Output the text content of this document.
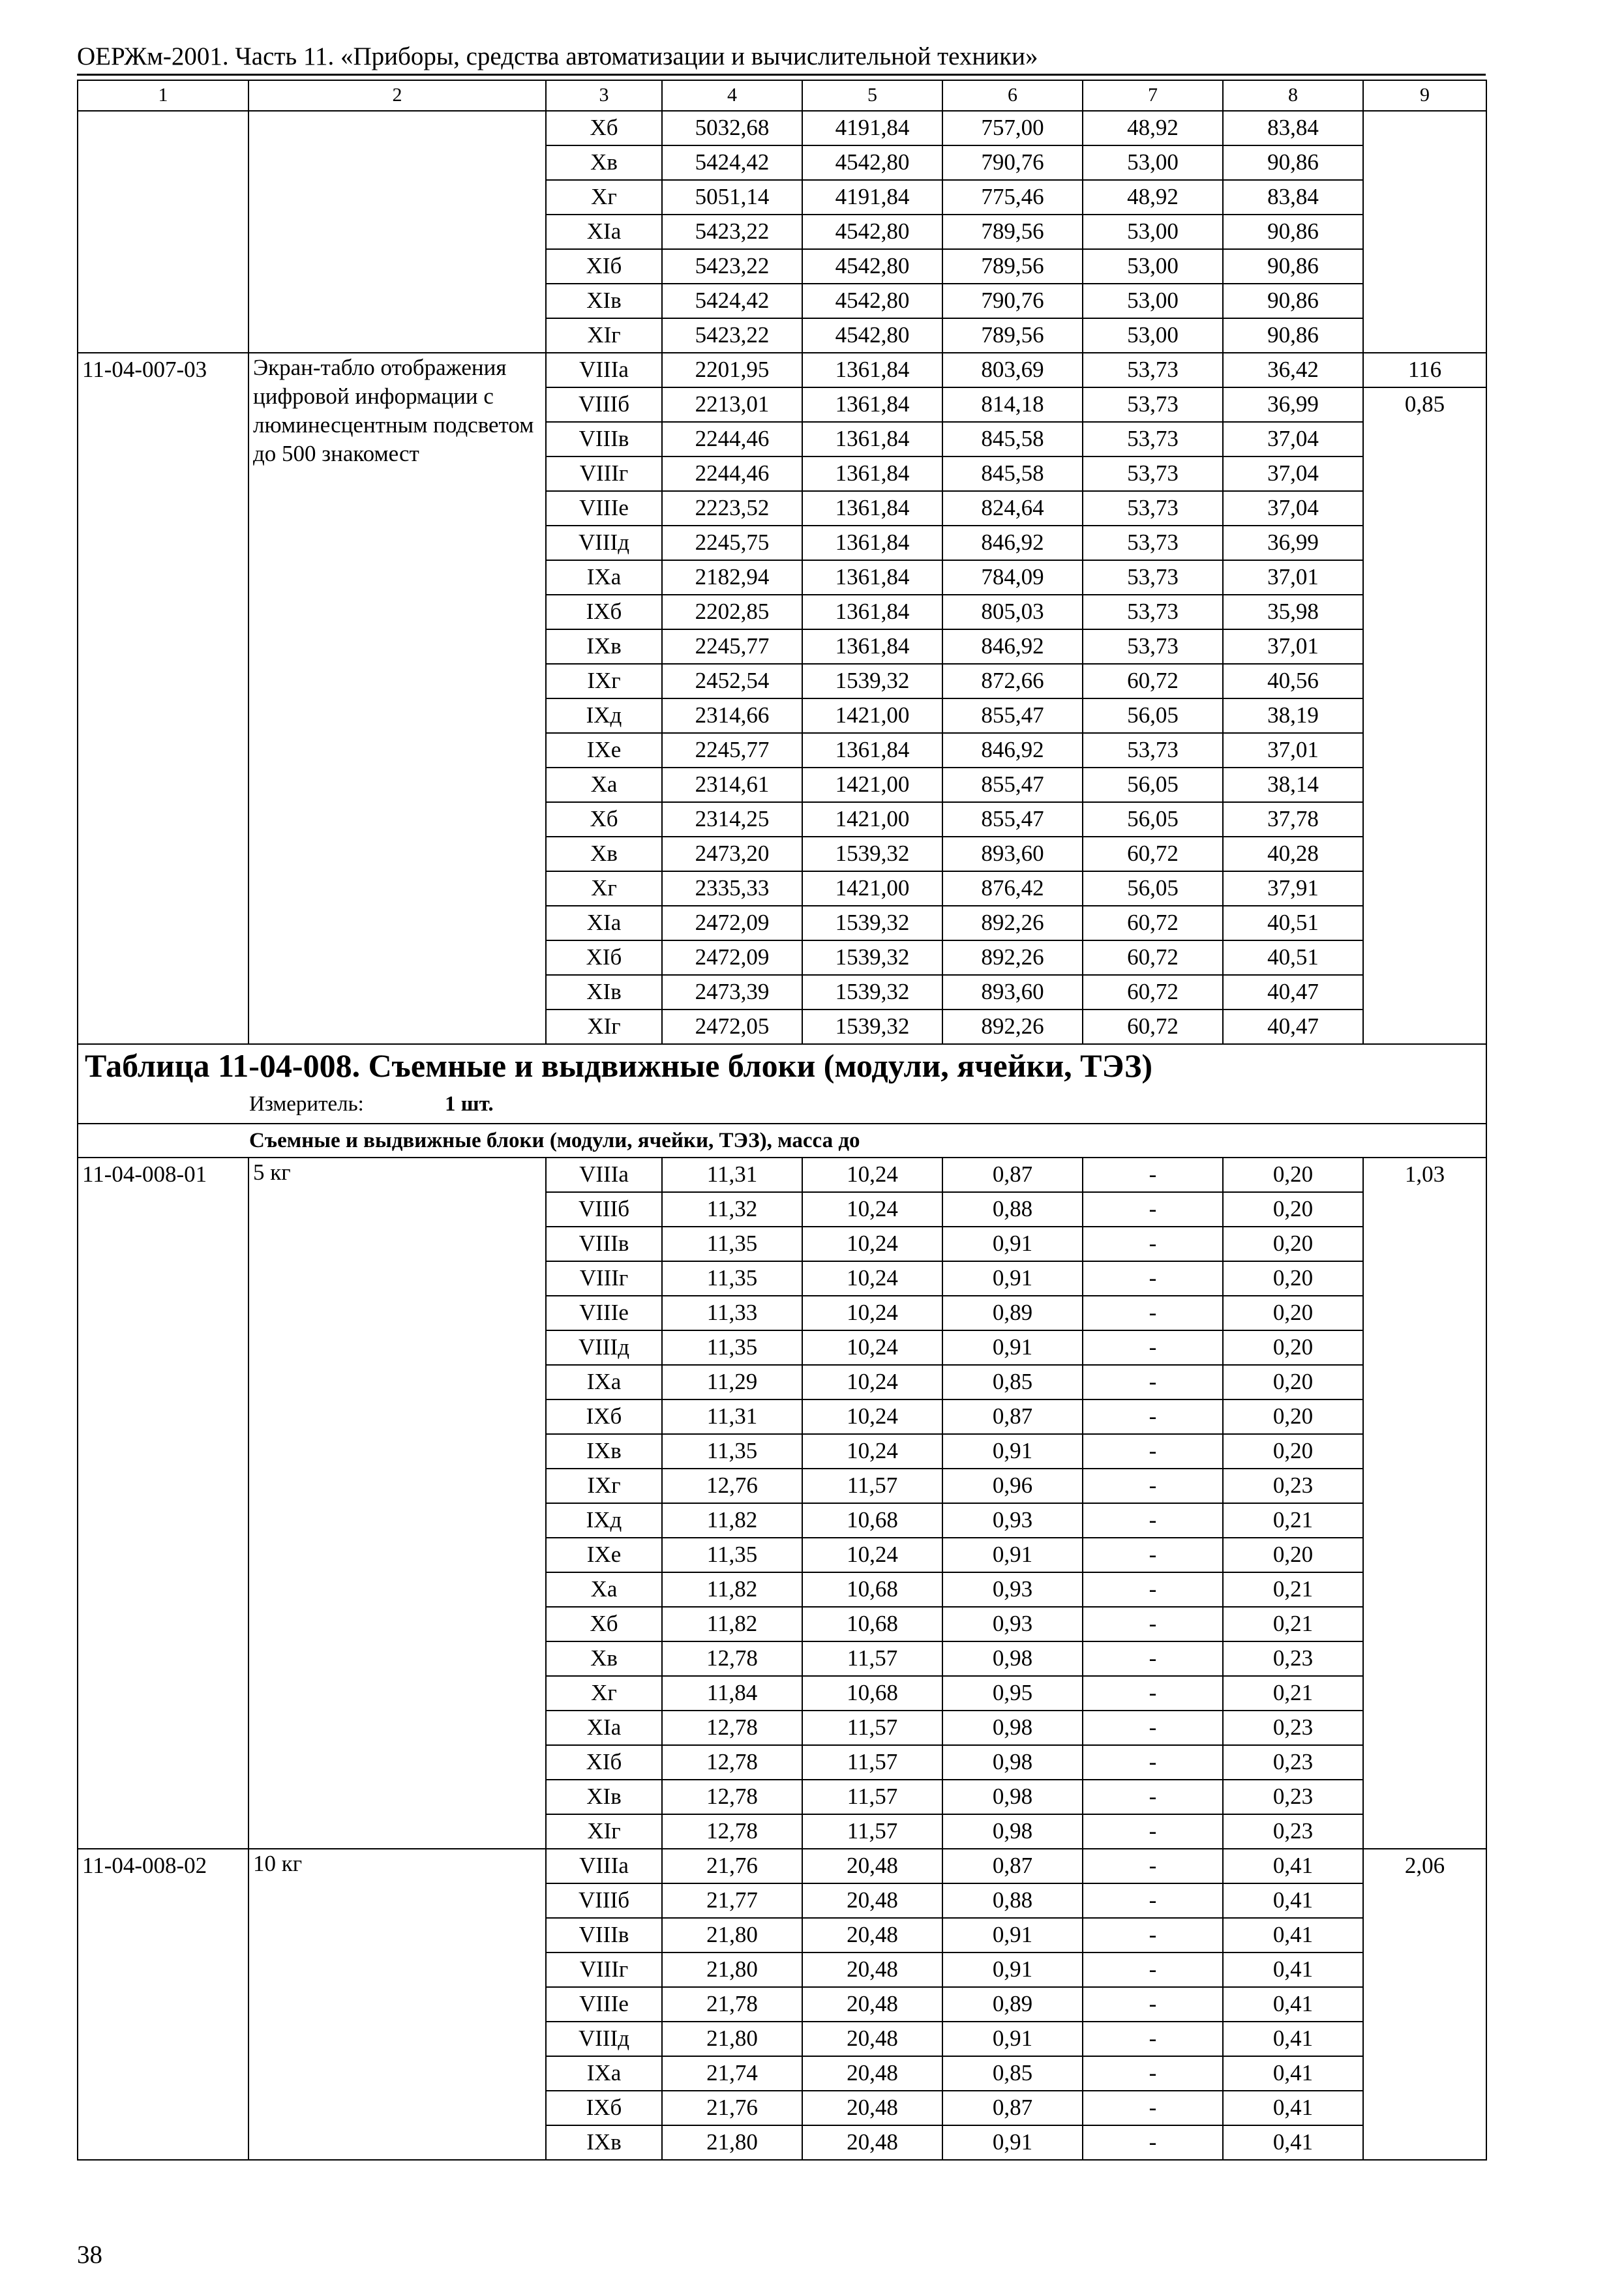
ОЕРЖм-2001. Часть 11. «Приборы, средства автоматизации и вычислительной техники»
1	2	3	4	5	6	7	8	9
		Xб	5032,68	4191,84	757,00	48,92	83,84	
		Xв	5424,42	4542,80	790,76	53,00	90,86	
		Xг	5051,14	4191,84	775,46	48,92	83,84	
		XIa	5423,22	4542,80	789,56	53,00	90,86	
		XIб	5423,22	4542,80	789,56	53,00	90,86	
		XIв	5424,42	4542,80	790,76	53,00	90,86	
		XIг	5423,22	4542,80	789,56	53,00	90,86	
11-04-007-03	Экран-табло отображения цифровой информации с люминесцентным подсветом до 500 знакомест	VIIIa	2201,95	1361,84	803,69	53,73	36,42	116
		VIIIб	2213,01	1361,84	814,18	53,73	36,99	0,85
		VIIIв	2244,46	1361,84	845,58	53,73	37,04	
		VIIIг	2244,46	1361,84	845,58	53,73	37,04	
		VIIIe	2223,52	1361,84	824,64	53,73	37,04	
		VIIIд	2245,75	1361,84	846,92	53,73	36,99	
		IXa	2182,94	1361,84	784,09	53,73	37,01	
		IXб	2202,85	1361,84	805,03	53,73	35,98	
		IXв	2245,77	1361,84	846,92	53,73	37,01	
		IXг	2452,54	1539,32	872,66	60,72	40,56	
		IXд	2314,66	1421,00	855,47	56,05	38,19	
		IXe	2245,77	1361,84	846,92	53,73	37,01	
		Xa	2314,61	1421,00	855,47	56,05	38,14	
		Xб	2314,25	1421,00	855,47	56,05	37,78	
		Xв	2473,20	1539,32	893,60	60,72	40,28	
		Xг	2335,33	1421,00	876,42	56,05	37,91	
		XIa	2472,09	1539,32	892,26	60,72	40,51	
		XIб	2472,09	1539,32	892,26	60,72	40,51	
		XIв	2473,39	1539,32	893,60	60,72	40,47	
		XIг	2472,05	1539,32	892,26	60,72	40,47	
Таблица 11-04-008. Съемные и выдвижные блоки (модули, ячейки, ТЭЗ)								
Измеритель: 1 шт.								
Съемные и выдвижные блоки (модули, ячейки, ТЭЗ), масса до								
11-04-008-01	5 кг	VIIIa	11,31	10,24	0,87	-	0,20	1,03
		VIIIб	11,32	10,24	0,88	-	0,20	
		VIIIв	11,35	10,24	0,91	-	0,20	
		VIIIг	11,35	10,24	0,91	-	0,20	
		VIIIe	11,33	10,24	0,89	-	0,20	
		VIIIд	11,35	10,24	0,91	-	0,20	
		IXa	11,29	10,24	0,85	-	0,20	
		IXб	11,31	10,24	0,87	-	0,20	
		IXв	11,35	10,24	0,91	-	0,20	
		IXг	12,76	11,57	0,96	-	0,23	
		IXд	11,82	10,68	0,93	-	0,21	
		IXe	11,35	10,24	0,91	-	0,20	
		Xa	11,82	10,68	0,93	-	0,21	
		Xб	11,82	10,68	0,93	-	0,21	
		Xв	12,78	11,57	0,98	-	0,23	
		Xг	11,84	10,68	0,95	-	0,21	
		XIa	12,78	11,57	0,98	-	0,23	
		XIб	12,78	11,57	0,98	-	0,23	
		XIв	12,78	11,57	0,98	-	0,23	
		XIг	12,78	11,57	0,98	-	0,23	
11-04-008-02	10 кг	VIIIa	21,76	20,48	0,87	-	0,41	2,06
		VIIIб	21,77	20,48	0,88	-	0,41	
		VIIIв	21,80	20,48	0,91	-	0,41	
		VIIIг	21,80	20,48	0,91	-	0,41	
		VIIIe	21,78	20,48	0,89	-	0,41	
		VIIIд	21,80	20,48	0,91	-	0,41	
		IXa	21,74	20,48	0,85	-	0,41	
		IXб	21,76	20,48	0,87	-	0,41	
		IXв	21,80	20,48	0,91	-	0,41	
38
